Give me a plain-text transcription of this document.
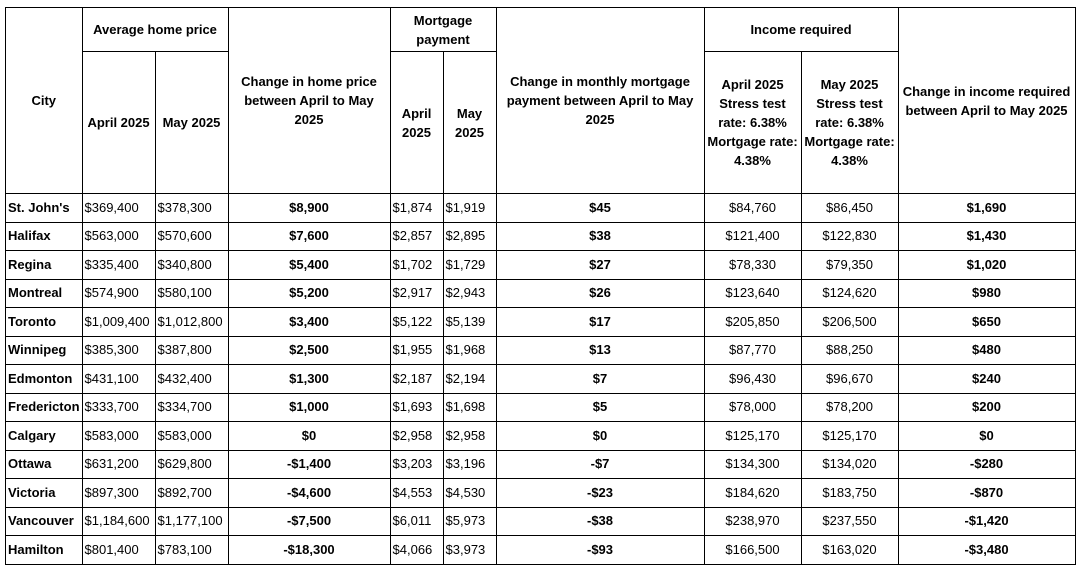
City	Average home price		Change in home price between April to May 2025	Mortgage payment		Change in monthly mortgage payment between April to May 2025	Income required		Change in income required between April to May 2025
	April 2025	May 2025		April 2025	May 2025		April 2025 Stress test rate: 6.38% Mortgage rate: 4.38%	May 2025 Stress test rate: 6.38% Mortgage rate: 4.38%	
St. John's	$369,400	$378,300	$8,900	$1,874	$1,919	$45	$84,760	$86,450	$1,690
Halifax	$563,000	$570,600	$7,600	$2,857	$2,895	$38	$121,400	$122,830	$1,430
Regina	$335,400	$340,800	$5,400	$1,702	$1,729	$27	$78,330	$79,350	$1,020
Montreal	$574,900	$580,100	$5,200	$2,917	$2,943	$26	$123,640	$124,620	$980
Toronto	$1,009,400	$1,012,800	$3,400	$5,122	$5,139	$17	$205,850	$206,500	$650
Winnipeg	$385,300	$387,800	$2,500	$1,955	$1,968	$13	$87,770	$88,250	$480
Edmonton	$431,100	$432,400	$1,300	$2,187	$2,194	$7	$96,430	$96,670	$240
Fredericton	$333,700	$334,700	$1,000	$1,693	$1,698	$5	$78,000	$78,200	$200
Calgary	$583,000	$583,000	$0	$2,958	$2,958	$0	$125,170	$125,170	$0
Ottawa	$631,200	$629,800	-$1,400	$3,203	$3,196	-$7	$134,300	$134,020	-$280
Victoria	$897,300	$892,700	-$4,600	$4,553	$4,530	-$23	$184,620	$183,750	-$870
Vancouver	$1,184,600	$1,177,100	-$7,500	$6,011	$5,973	-$38	$238,970	$237,550	-$1,420
Hamilton	$801,400	$783,100	-$18,300	$4,066	$3,973	-$93	$166,500	$163,020	-$3,480
